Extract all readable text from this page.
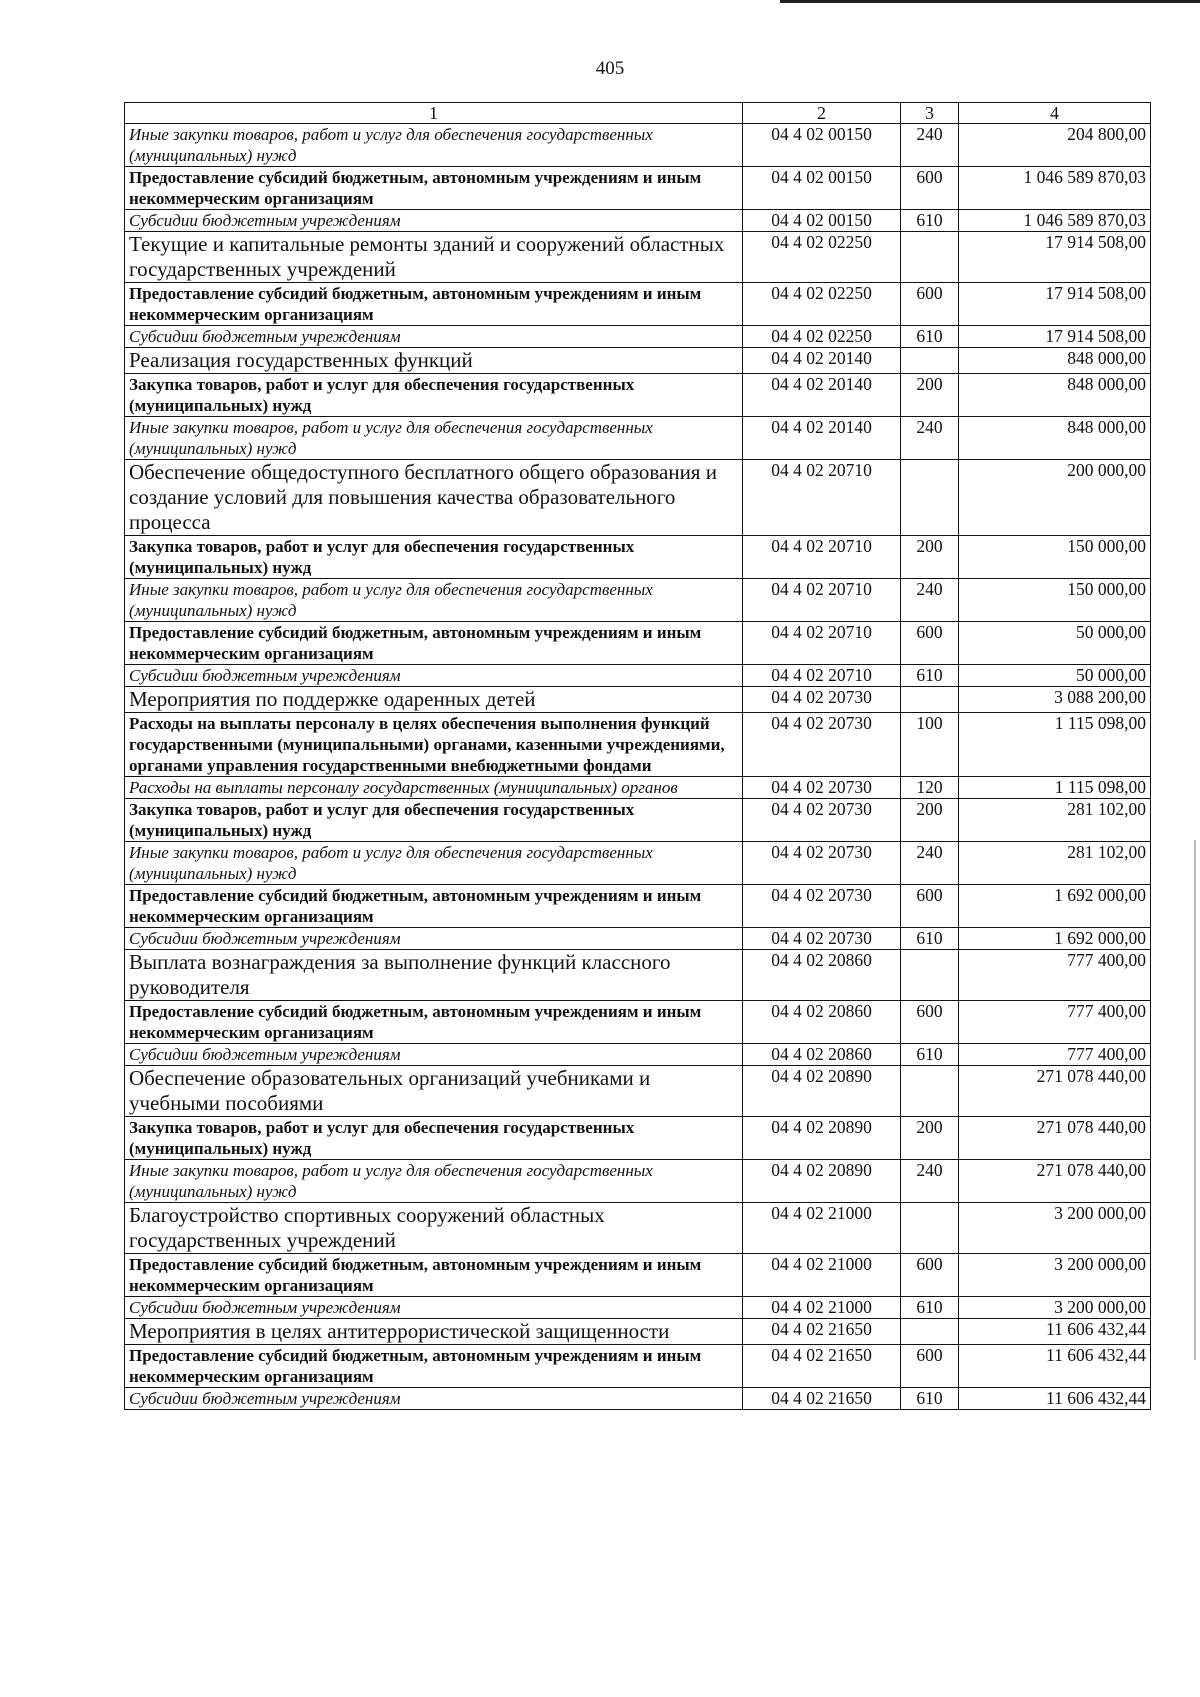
405
1	2	3	4
Иные закупки товаров, работ и услуг для обеспечения государственных (муниципальных) нужд	04 4 02 00150	240	204 800,00
Предоставление субсидий бюджетным, автономным учреждениям и иным некоммерческим организациям	04 4 02 00150	600	1 046 589 870,03
Субсидии бюджетным учреждениям	04 4 02 00150	610	1 046 589 870,03
Текущие и капитальные ремонты зданий и сооружений областных государственных учреждений	04 4 02 02250		17 914 508,00
Предоставление субсидий бюджетным, автономным учреждениям и иным некоммерческим организациям	04 4 02 02250	600	17 914 508,00
Субсидии бюджетным учреждениям	04 4 02 02250	610	17 914 508,00
Реализация государственных функций	04 4 02 20140		848 000,00
Закупка товаров, работ и услуг для обеспечения государственных (муниципальных) нужд	04 4 02 20140	200	848 000,00
Иные закупки товаров, работ и услуг для обеспечения государственных (муниципальных) нужд	04 4 02 20140	240	848 000,00
Обеспечение общедоступного бесплатного общего образования и создание условий для повышения качества образовательного процесса	04 4 02 20710		200 000,00
Закупка товаров, работ и услуг для обеспечения государственных (муниципальных) нужд	04 4 02 20710	200	150 000,00
Иные закупки товаров, работ и услуг для обеспечения государственных (муниципальных) нужд	04 4 02 20710	240	150 000,00
Предоставление субсидий бюджетным, автономным учреждениям и иным некоммерческим организациям	04 4 02 20710	600	50 000,00
Субсидии бюджетным учреждениям	04 4 02 20710	610	50 000,00
Мероприятия по поддержке одаренных детей	04 4 02 20730		3 088 200,00
Расходы на выплаты персоналу в целях обеспечения выполнения функций государственными (муниципальными) органами, казенными учреждениями, органами управления государственными внебюджетными фондами	04 4 02 20730	100	1 115 098,00
Расходы на выплаты персоналу государственных (муниципальных) органов	04 4 02 20730	120	1 115 098,00
Закупка товаров, работ и услуг для обеспечения государственных (муниципальных) нужд	04 4 02 20730	200	281 102,00
Иные закупки товаров, работ и услуг для обеспечения государственных (муниципальных) нужд	04 4 02 20730	240	281 102,00
Предоставление субсидий бюджетным, автономным учреждениям и иным некоммерческим организациям	04 4 02 20730	600	1 692 000,00
Субсидии бюджетным учреждениям	04 4 02 20730	610	1 692 000,00
Выплата вознаграждения за выполнение функций классного руководителя	04 4 02 20860		777 400,00
Предоставление субсидий бюджетным, автономным учреждениям и иным некоммерческим организациям	04 4 02 20860	600	777 400,00
Субсидии бюджетным учреждениям	04 4 02 20860	610	777 400,00
Обеспечение образовательных организаций учебниками и учебными пособиями	04 4 02 20890		271 078 440,00
Закупка товаров, работ и услуг для обеспечения государственных (муниципальных) нужд	04 4 02 20890	200	271 078 440,00
Иные закупки товаров, работ и услуг для обеспечения государственных (муниципальных) нужд	04 4 02 20890	240	271 078 440,00
Благоустройство спортивных сооружений областных государственных учреждений	04 4 02 21000		3 200 000,00
Предоставление субсидий бюджетным, автономным учреждениям и иным некоммерческим организациям	04 4 02 21000	600	3 200 000,00
Субсидии бюджетным учреждениям	04 4 02 21000	610	3 200 000,00
Мероприятия в целях антитеррористической защищенности	04 4 02 21650		11 606 432,44
Предоставление субсидий бюджетным, автономным учреждениям и иным некоммерческим организациям	04 4 02 21650	600	11 606 432,44
Субсидии бюджетным учреждениям	04 4 02 21650	610	11 606 432,44
